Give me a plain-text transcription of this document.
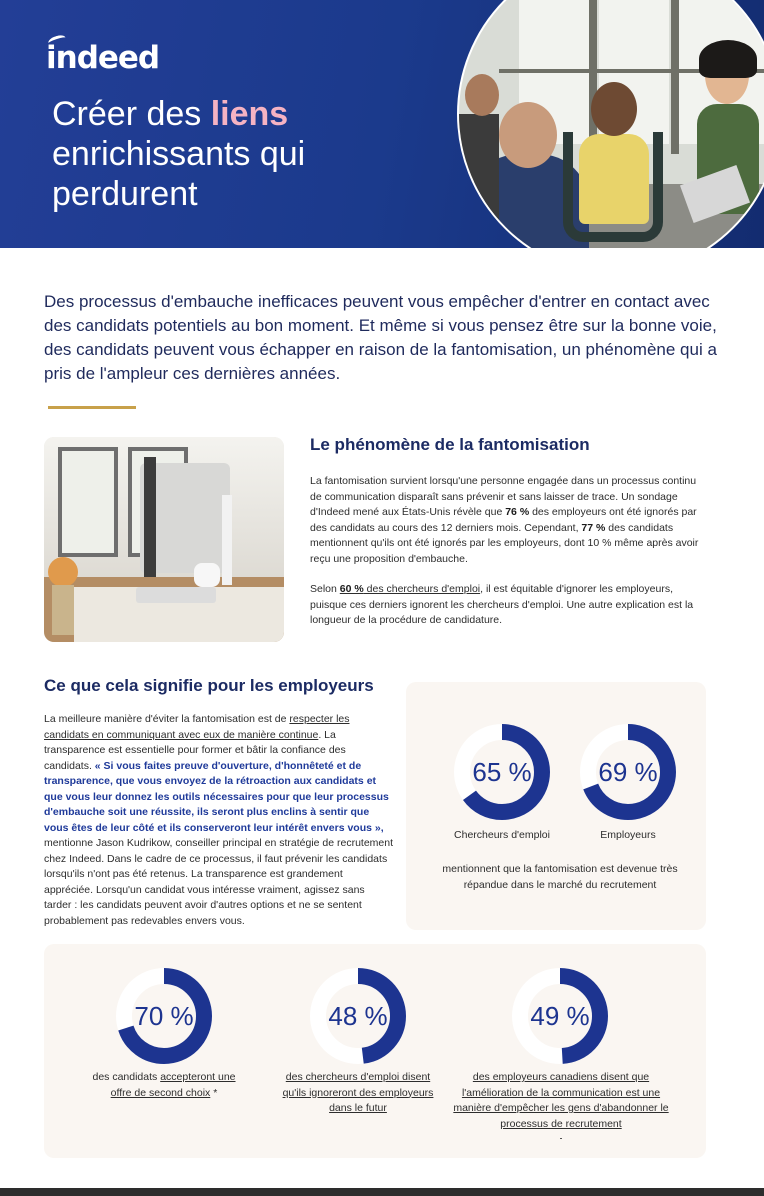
indeed
Créer des liens
enrichissants qui perdurent

Des processus d'embauche inefficaces peuvent vous empêcher d'entrer en contact avec des candidats potentiels au bon moment. Et même si vous pensez être sur la bonne voie, des candidats peuvent vous échapper en raison de la fantomisation, un phénomène qui a pris de l'ampleur ces dernières années.

Le phénomène de la fantomisation

La fantomisation survient lorsqu'une personne engagée dans un processus continu de communication disparaît sans prévenir et sans laisser de trace. Un sondage d'Indeed mené aux États-Unis révèle que 76 % des employeurs ont été ignorés par des candidats au cours des 12 derniers mois. Cependant, 77 % des candidats mentionnent qu'ils ont été ignorés par les employeurs, dont 10 % même après avoir reçu une proposition d'embauche.

Selon 60 % des chercheurs d'emploi, il est équitable d'ignorer les employeurs, puisque ces derniers ignorent les chercheurs d'emploi. Une autre explication est la longueur de la procédure de candidature.

Ce que cela signifie pour les employeurs
La meilleure manière d'éviter la fantomisation est de respecter les candidats en communiquant avec eux de manière continue. La transparence est essentielle pour former et bâtir la confiance des candidats. « Si vous faites preuve d'ouverture, d'honnêteté et de transparence, que vous envoyez de la rétroaction aux candidats et que vous leur donnez les outils nécessaires pour que leur processus d'embauche soit une réussite, ils seront plus enclins à sentir que vous êtes de leur côté et ils conserveront leur intérêt envers vous », mentionne Jason Kudrikow, conseiller principal en stratégie de recrutement chez Indeed. Dans le cadre de ce processus, il faut prévenir les candidats lorsqu'ils n'ont pas été retenus. La transparence est grandement appréciée. Lorsqu'un candidat vous intéresse vraiment, agissez sans tarder : les candidats peuvent avoir d'autres options et ne se sentent probablement pas redevables envers vous.
65 %	69 %
Chercheurs d'emploi	Employeurs
mentionnent que la fantomisation est devenue très répandue dans le marché du recrutement
70 %	48 %	49 %
des candidats accepteront une offre de second choix *
des chercheurs d'emploi disent qu'ils ignoreront des employeurs dans le futur
des employeurs canadiens disent que l'amélioration de la communication est une manière d'empêcher les gens d'abandonner le processus de recrutement
